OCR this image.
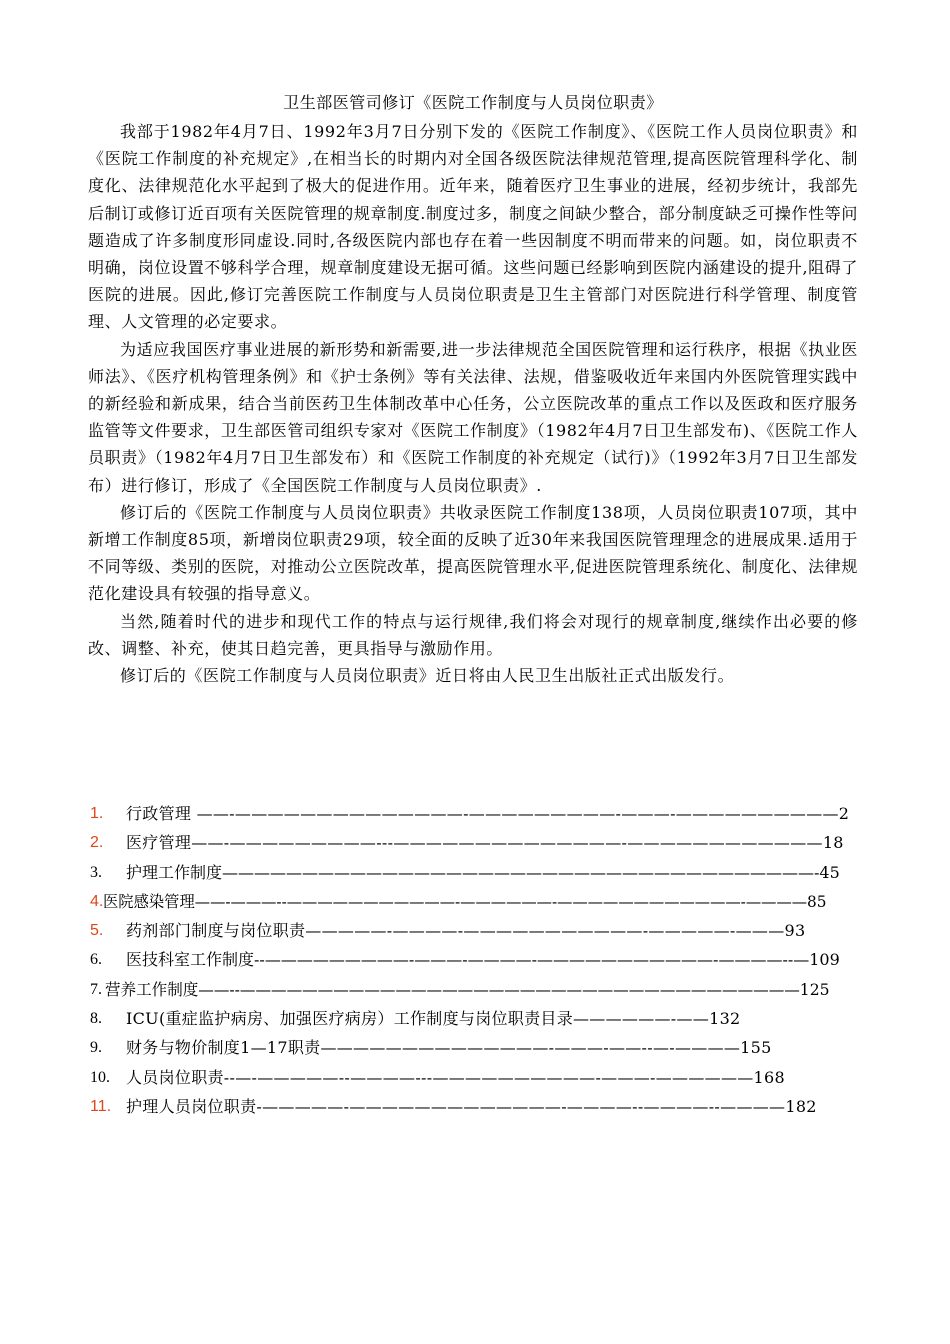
卫生部医管司修订《医院工作制度与人员岗位职责》

我部于1982年4月7日、1992年3月7日分别下发的《医院工作制度》、《医院工作人员岗位职责》和《医院工作制度的补充规定》,在相当长的时期内对全国各级医院法律规范管理,提高医院管理科学化、制度化、法律规范化水平起到了极大的促进作用。近年来，随着医疗卫生事业的进展，经初步统计，我部先后制订或修订近百项有关医院管理的规章制度.制度过多，制度之间缺少整合，部分制度缺乏可操作性等问题造成了许多制度形同虚设.同时,各级医院内部也存在着一些因制度不明而带来的问题。如，岗位职责不明确，岗位设置不够科学合理，规章制度建设无据可循。这些问题已经影响到医院内涵建设的提升,阻碍了医院的进展。因此,修订完善医院工作制度与人员岗位职责是卫生主管部门对医院进行科学管理、制度管理、人文管理的必定要求。

为适应我国医疗事业进展的新形势和新需要,进一步法律规范全国医院管理和运行秩序，根据《执业医师法》、《医疗机构管理条例》和《护士条例》等有关法律、法规，借鉴吸收近年来国内外医院管理实践中的新经验和新成果，结合当前医药卫生体制改革中心任务，公立医院改革的重点工作以及医政和医疗服务监管等文件要求，卫生部医管司组织专家对《医院工作制度》（1982年4月7日卫生部发布)、《医院工作人员职责》（1982年4月7日卫生部发布）和《医院工作制度的补充规定（试行)》（1992年3月7日卫生部发布）进行修订，形成了《全国医院工作制度与人员岗位职责》.

修订后的《医院工作制度与人员岗位职责》共收录医院工作制度138项，人员岗位职责107项，其中新增工作制度85项，新增岗位职责29项，较全面的反映了近30年来我国医院管理理念的进展成果.适用于不同等级、类别的医院，对推动公立医院改革，提高医院管理水平,促进医院管理系统化、制度化、法律规范化建设具有较强的指导意义。

当然,随着时代的进步和现代工作的特点与运行规律,我们将会对现行的规章制度,继续作出必要的修改、调整、补充，使其日趋完善，更具指导与激励作用。

修订后的《医院工作制度与人员岗位职责》近日将由人民卫生出版社正式出版发行。

1.	行政管理 ——-——————————————-—————————-———-——————————2
2.	医疗管理——-—————————---——————————————-————————————18
3.	护理工作制度—————————————————————————————————————-45
4. 医院感染管理——-———--———————————-——————-————————————-————85
5.	药剂部门制度与岗位职责—————-————-———————————-—————-———93
6.	医技科室工作制度--—————————-———-————-———————————-————--—109
7. 营养工作制度——--————————————————————————————————————125
8.	ICU(重症监护病房、加强医疗病房）工作制度与岗位职责目录——————-——132
9.	财务与物价制度1—17职责——————————————-———-——--—-————155
10.	人员岗位职责--—-—————--————---——————————-———-——————168
11. 护理人员岗位职责-—————-—————————————-————--————--————182
